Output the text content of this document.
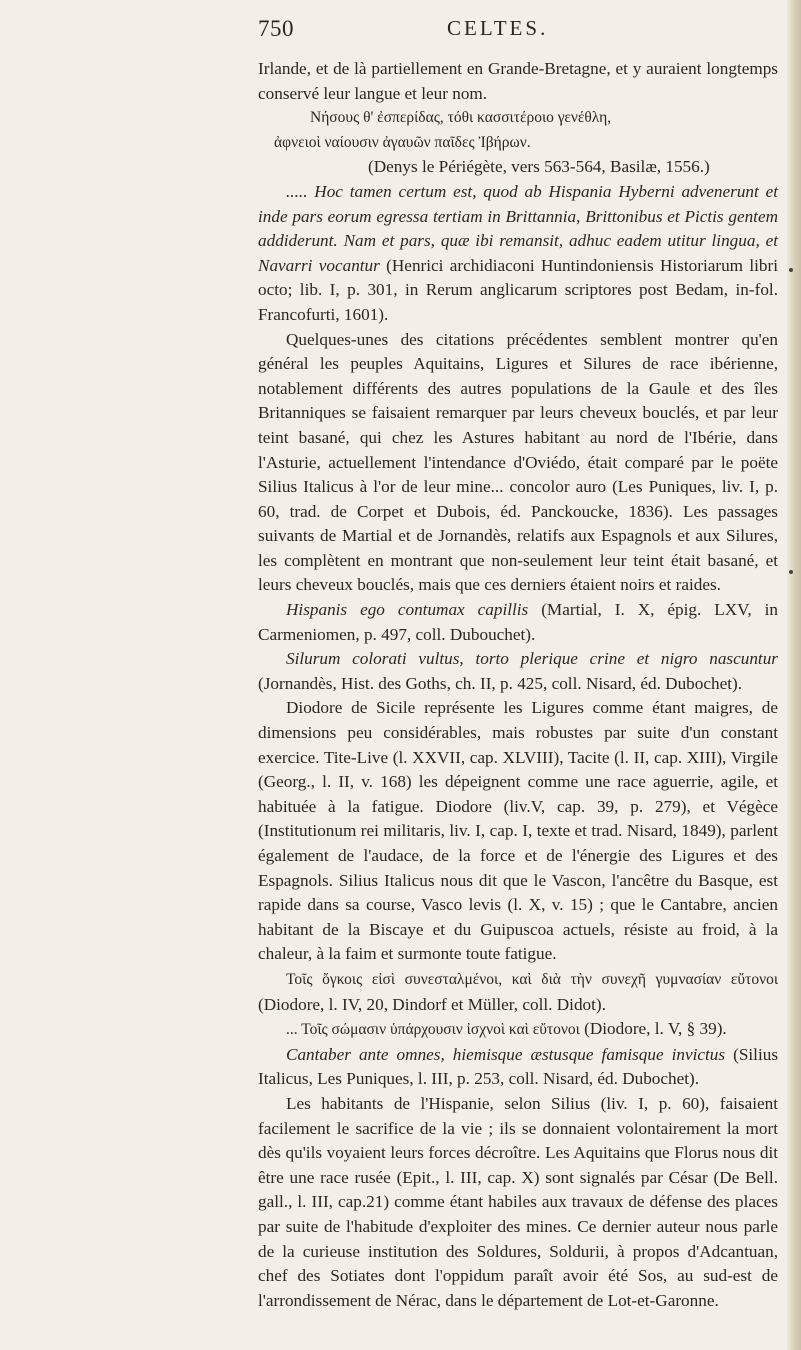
750	CELTES.

Irlande, et de là partiellement en Grande-Bretagne, et y auraient longtemps conservé leur langue et leur nom.

Νήσους θ' ἐσπερίδας, τόθι κασσιτέροιο γενέθλη,

ἀφνειοὶ ναίουσιν ἀγαυῶν παῖδες Ἰβήρων.

(Denys le Périégète, vers 563-564, Basilæ, 1556.)

..... Hoc tamen certum est, quod ab Hispania Hyberni advenerunt et inde pars eorum egressa tertiam in Brittannia, Brittonibus et Pictis gentem addiderunt. Nam et pars, quæ ibi remansit, adhuc eadem utitur lingua, et Navarri vocantur (Henrici archidiaconi Huntindoniensis Historiarum libri octo; lib. I, p. 301, in Rerum anglicarum scriptores post Bedam, in-fol. Francofurti, 1601).

Quelques-unes des citations précédentes semblent montrer qu'en général les peuples Aquitains, Ligures et Silures de race ibérienne, notablement différents des autres populations de la Gaule et des îles Britanniques se faisaient remarquer par leurs cheveux bouclés, et par leur teint basané, qui chez les Astures habitant au nord de l'Ibérie, dans l'Asturie, actuellement l'intendance d'Oviédo, était comparé par le poëte Silius Italicus à l'or de leur mine... concolor auro (Les Puniques, liv. I, p. 60, trad. de Corpet et Dubois, éd. Panckoucke, 1836). Les passages suivants de Martial et de Jornandès, relatifs aux Espagnols et aux Silures, les complètent en montrant que non-seulement leur teint était basané, et leurs cheveux bouclés, mais que ces derniers étaient noirs et raides.

Hispanis ego contumax capillis (Martial, I. X, épig. LXV, in Carmeniomen, p. 497, coll. Dubouchet).

Silurum colorati vultus, torto plerique crine et nigro nascuntur (Jornandès, Hist. des Goths, ch. II, p. 425, coll. Nisard, éd. Dubochet).

Diodore de Sicile représente les Ligures comme étant maigres, de dimensions peu considérables, mais robustes par suite d'un constant exercice. Tite-Live (l. XXVII, cap. XLVIII), Tacite (l. II, cap. XIII), Virgile (Georg., l. II, v. 168) les dépeignent comme une race aguerrie, agile, et habituée à la fatigue. Diodore (liv.V, cap. 39, p. 279), et Végèce (Institutionum rei militaris, liv. I, cap. I, texte et trad. Nisard, 1849), parlent également de l'audace, de la force et de l'énergie des Ligures et des Espagnols. Silius Italicus nous dit que le Vascon, l'ancêtre du Basque, est rapide dans sa course, Vasco levis (l. X, v. 15) ; que le Cantabre, ancien habitant de la Biscaye et du Guipuscoa actuels, résiste au froid, à la chaleur, à la faim et surmonte toute fatigue.

Τοῖς ὄγκοις εἰσὶ συνεσταλμένοι, καὶ διὰ τὴν συνεχῆ γυμνασίαν εὔτονοι (Diodore, l. IV, 20, Dindorf et Müller, coll. Didot).

... Τοῖς σώμασιν ὑπάρχουσιν ἰσχνοὶ καὶ εὔτονοι (Diodore, l. V, § 39).

Cantaber ante omnes, hiemisque æstusque famisque invictus (Silius Italicus, Les Puniques, l. III, p. 253, coll. Nisard, éd. Dubochet).

Les habitants de l'Hispanie, selon Silius (liv. I, p. 60), faisaient facilement le sacrifice de la vie ; ils se donnaient volontairement la mort dès qu'ils voyaient leurs forces décroître. Les Aquitains que Florus nous dit être une race rusée (Epit., l. III, cap. X) sont signalés par César (De Bell. gall., l. III, cap.21) comme étant habiles aux travaux de défense des places par suite de l'habitude d'exploiter des mines. Ce dernier auteur nous parle de la curieuse institution des Soldures, Soldurii, à propos d'Adcantuan, chef des Sotiates dont l'oppidum paraît avoir été Sos, au sud-est de l'arrondissement de Nérac, dans le département de Lot-et-Garonne.
